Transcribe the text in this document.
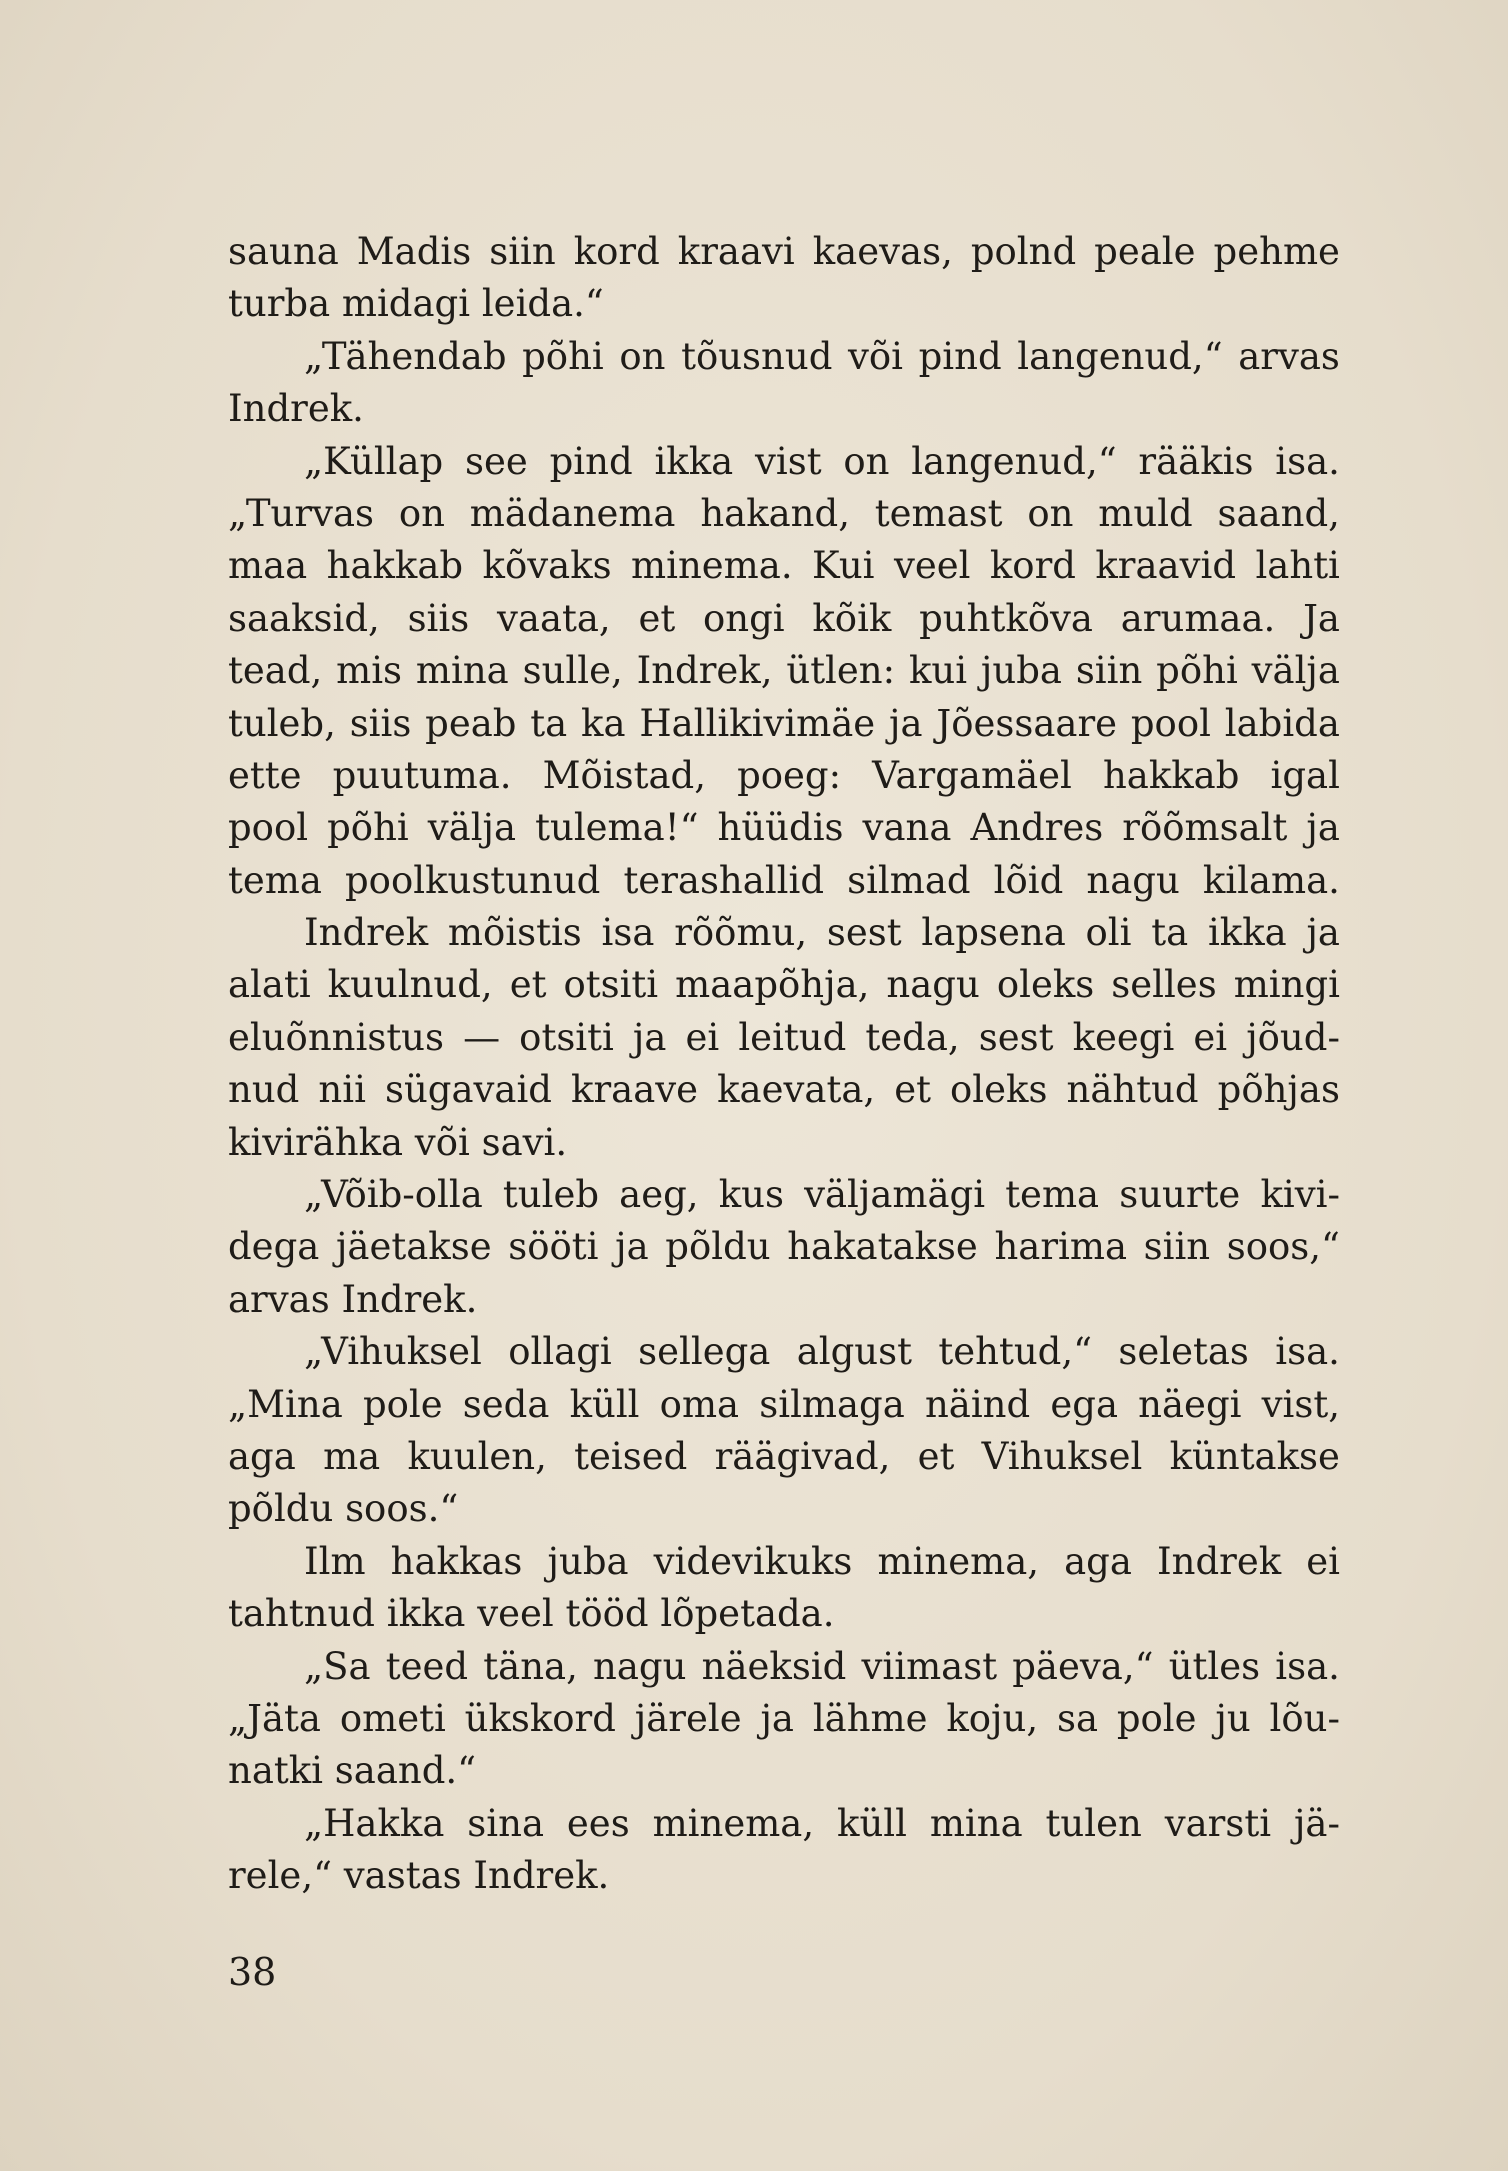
sauna Madis siin kord kraavi kaevas, polnd peale pehme
turba midagi leida.“
„Tähendab põhi on tõusnud või pind langenud,“ arvas
Indrek.
„Küllap see pind ikka vist on langenud,“ rääkis isa.
„Turvas on mädanema hakand, temast on muld saand,
maa hakkab kõvaks minema. Kui veel kord kraavid lahti
saaksid, siis vaata, et ongi kõik puhtkõva arumaa. Ja
tead, mis mina sulle, Indrek, ütlen: kui juba siin põhi välja
tuleb, siis peab ta ka Hallikivimäe ja Jõessaare pool labida
ette puutuma. Mõistad, poeg: Vargamäel hakkab igal
pool põhi välja tulema!“ hüüdis vana Andres rõõmsalt ja
tema poolkustunud terashallid silmad lõid nagu kilama.
Indrek mõistis isa rõõmu, sest lapsena oli ta ikka ja
alati kuulnud, et otsiti maapõhja, nagu oleks selles mingi
eluõnnistus — otsiti ja ei leitud teda, sest keegi ei jõud-
nud nii sügavaid kraave kaevata, et oleks nähtud põhjas
kivirähka või savi.
„Võib-olla tuleb aeg, kus väljamägi tema suurte kivi-
dega jäetakse sööti ja põldu hakatakse harima siin soos,“
arvas Indrek.
„Vihuksel ollagi sellega algust tehtud,“ seletas isa.
„Mina pole seda küll oma silmaga näind ega näegi vist,
aga ma kuulen, teised räägivad, et Vihuksel küntakse
põldu soos.“
Ilm hakkas juba videvikuks minema, aga Indrek ei
tahtnud ikka veel tööd lõpetada.
„Sa teed täna, nagu näeksid viimast päeva,“ ütles isa.
„Jäta ometi ükskord järele ja lähme koju, sa pole ju lõu-
natki saand.“
„Hakka sina ees minema, küll mina tulen varsti jä-
rele,“ vastas Indrek.
38
